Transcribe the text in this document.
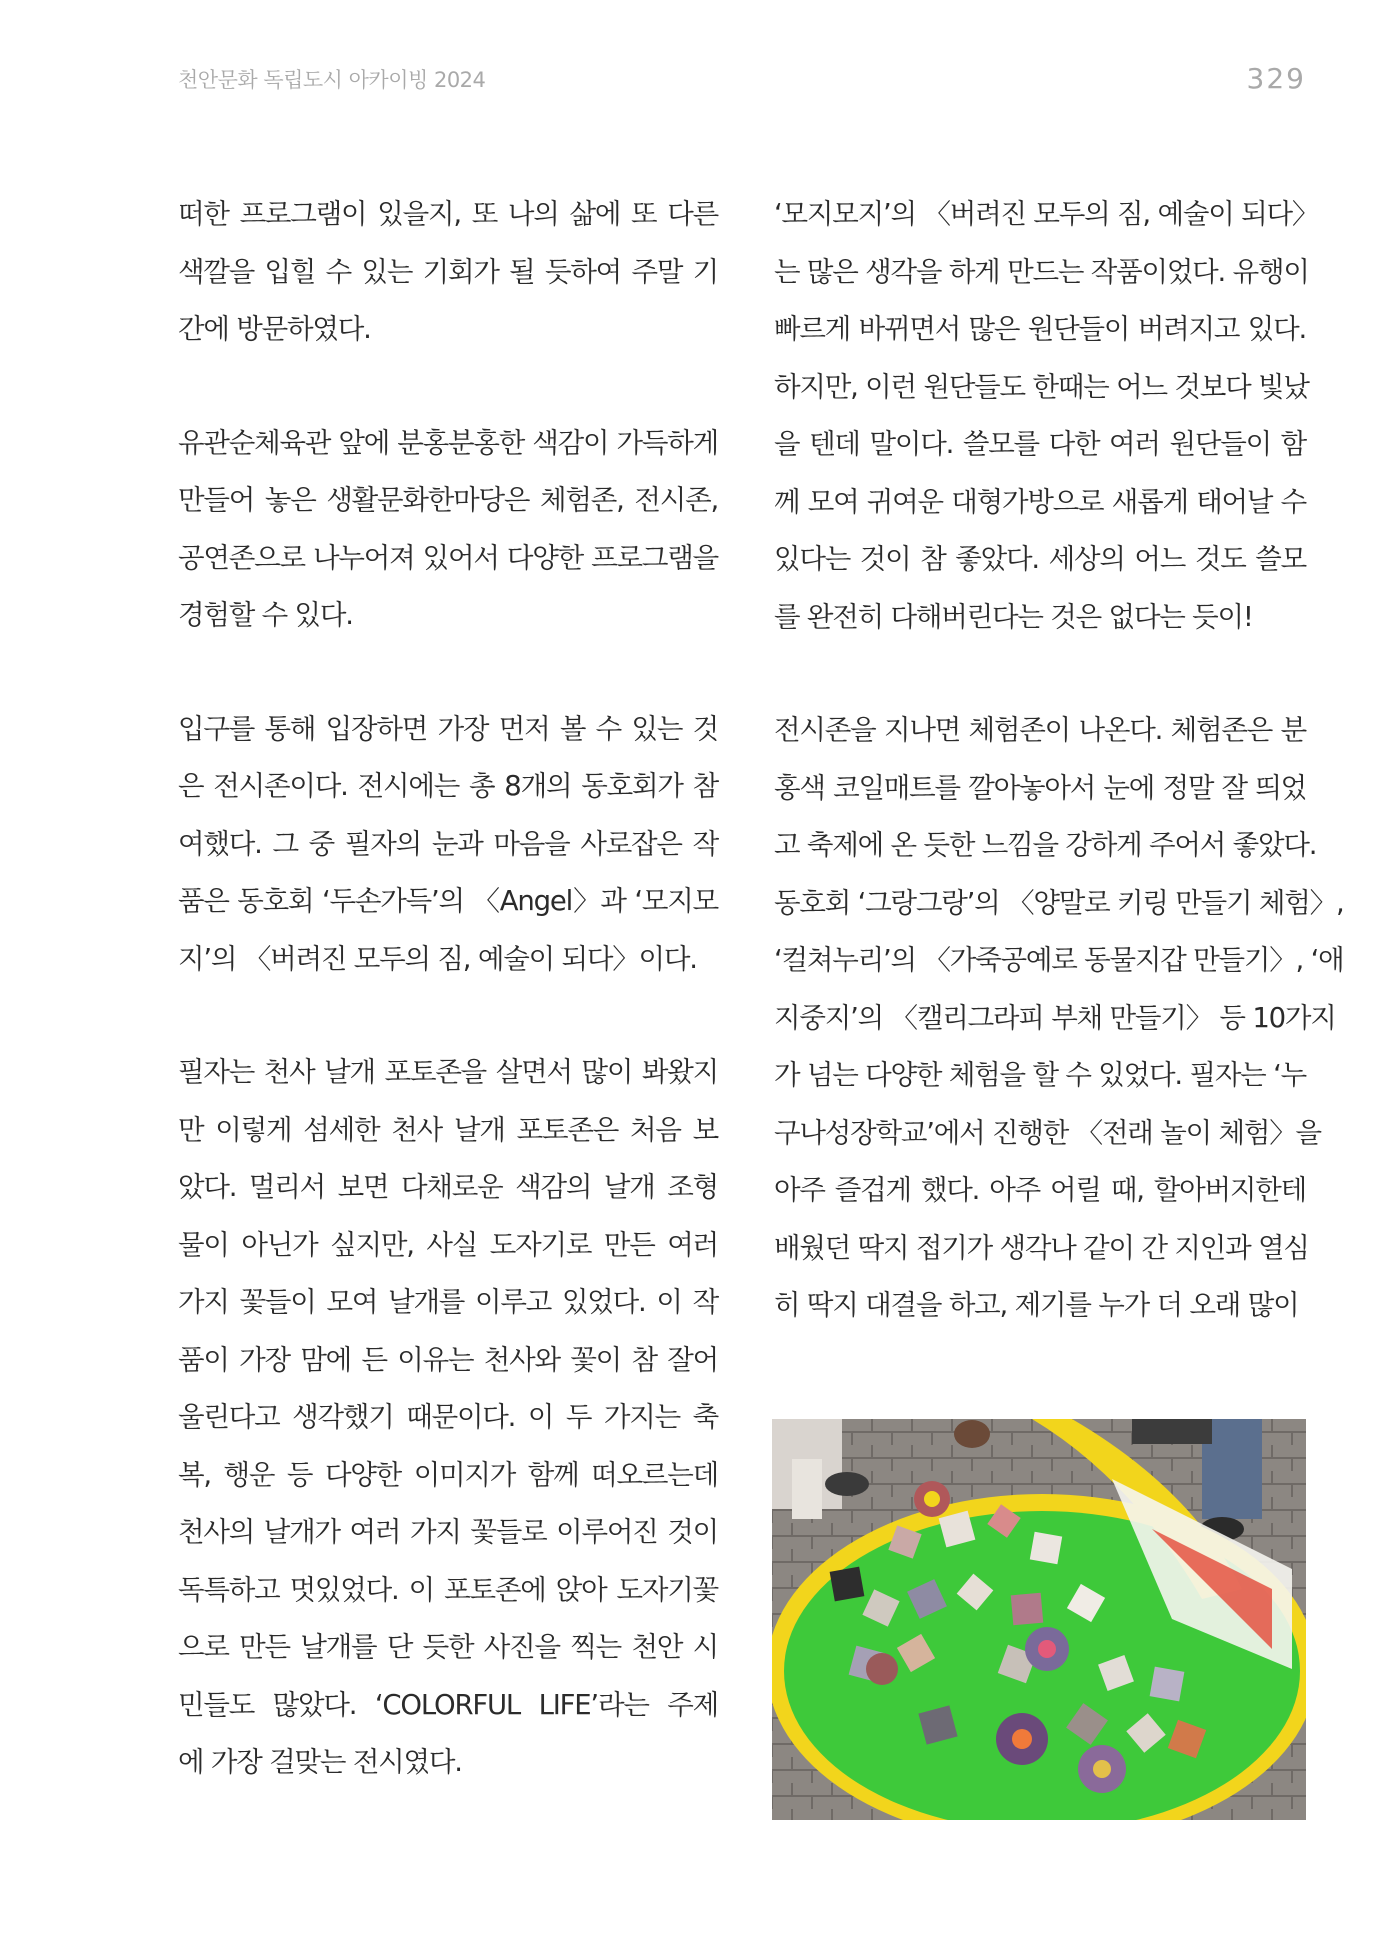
천안문화 독립도시 아카이빙 2024	329
떠한 프로그램이 있을지, 또 나의 삶에 또 다른
색깔을 입힐 수 있는 기회가 될 듯하여 주말 기
간에 방문하였다.
유관순체육관 앞에 분홍분홍한 색감이 가득하게
만들어 놓은 생활문화한마당은 체험존, 전시존,
공연존으로 나누어져 있어서 다양한 프로그램을
경험할 수 있다.
입구를 통해 입장하면 가장 먼저 볼 수 있는 것
은 전시존이다. 전시에는 총 8개의 동호회가 참
여했다. 그 중 필자의 눈과 마음을 사로잡은 작
품은 동호회 ‘두손가득’의 〈Angel〉과 ‘모지모
지’의 〈버려진 모두의 짐, 예술이 되다〉이다.
필자는 천사 날개 포토존을 살면서 많이 봐왔지
만 이렇게 섬세한 천사 날개 포토존은 처음 보
았다. 멀리서 보면 다채로운 색감의 날개 조형
물이 아닌가 싶지만, 사실 도자기로 만든 여러
가지 꽃들이 모여 날개를 이루고 있었다. 이 작
품이 가장 맘에 든 이유는 천사와 꽃이 참 잘어
울린다고 생각했기 때문이다. 이 두 가지는 축
복, 행운 등 다양한 이미지가 함께 떠오르는데
천사의 날개가 여러 가지 꽃들로 이루어진 것이
독특하고 멋있었다. 이 포토존에 앉아 도자기꽃
으로 만든 날개를 단 듯한 사진을 찍는 천안 시
민들도 많았다. ‘COLORFUL LIFE’라는 주제
에 가장 걸맞는 전시였다.
‘모지모지’의 〈버려진 모두의 짐, 예술이 되다〉
는 많은 생각을 하게 만드는 작품이었다. 유행이
빠르게 바뀌면서 많은 원단들이 버려지고 있다.
하지만, 이런 원단들도 한때는 어느 것보다 빛났
을 텐데 말이다. 쓸모를 다한 여러 원단들이 함
께 모여 귀여운 대형가방으로 새롭게 태어날 수
있다는 것이 참 좋았다. 세상의 어느 것도 쓸모
를 완전히 다해버린다는 것은 없다는 듯이!
전시존을 지나면 체험존이 나온다. 체험존은 분
홍색 코일매트를 깔아놓아서 눈에 정말 잘 띄었
고 축제에 온 듯한 느낌을 강하게 주어서 좋았다.
동호회 ‘그랑그랑’의 〈양말로 키링 만들기 체험〉,
‘컬쳐누리’의 〈가죽공예로 동물지갑 만들기〉, ‘애
지중지’의 〈캘리그라피 부채 만들기〉 등 10가지
가 넘는 다양한 체험을 할 수 있었다. 필자는 ‘누
구나성장학교’에서 진행한 〈전래 놀이 체험〉을
아주 즐겁게 했다. 아주 어릴 때, 할아버지한테
배웠던 딱지 접기가 생각나 같이 간 지인과 열심
히 딱지 대결을 하고, 제기를 누가 더 오래 많이
